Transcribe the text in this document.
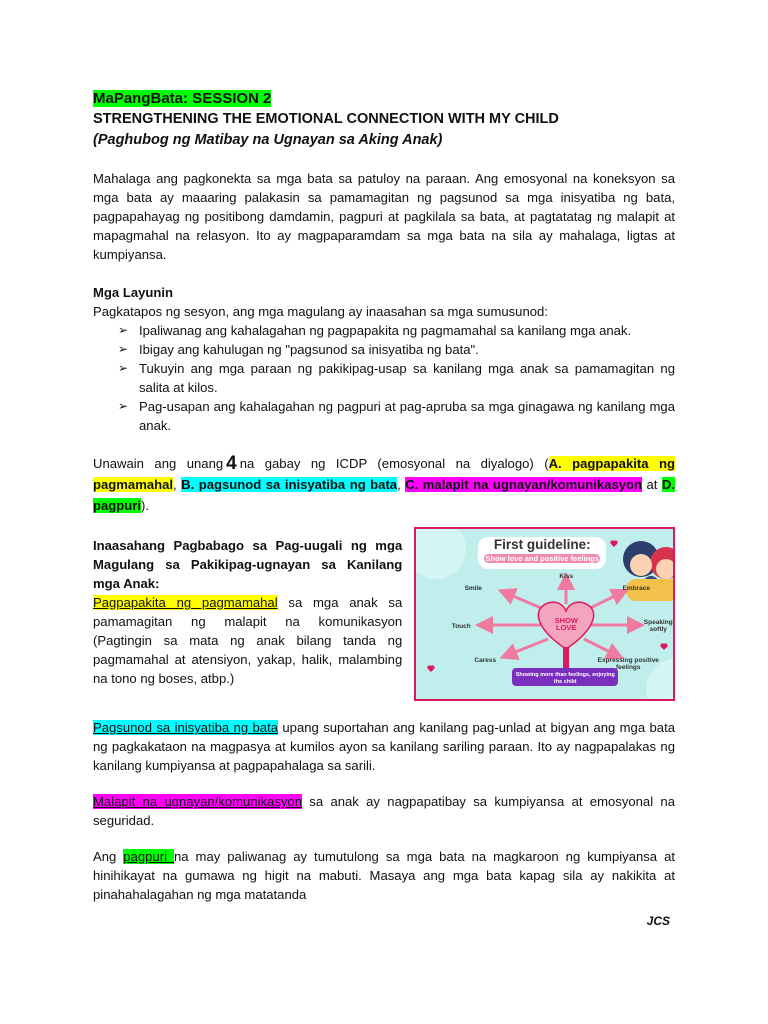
MaPangBata: SESSION 2
STRENGTHENING THE EMOTIONAL CONNECTION WITH MY CHILD
(Paghubog ng Matibay na Ugnayan sa Aking Anak)

Mahalaga ang pagkonekta sa mga bata sa patuloy na paraan. Ang emosyonal na koneksyon sa mga bata ay maaaring palakasin sa pamamagitan ng pagsunod sa mga inisyatiba ng bata, pagpapahayag ng positibong damdamin, pagpuri at pagkilala sa bata, at pagtatatag ng malapit at mapagmahal na relasyon. Ito ay magpaparamdam sa mga bata na sila ay mahalaga, ligtas at kumpiyansa.

Mga Layunin
Pagkatapos ng sesyon, ang mga magulang ay inaasahan sa mga sumusunod:
➢ Ipaliwanag ang kahalagahan ng pagpapakita ng pagmamahal sa kanilang mga anak.
➢ Ibigay ang kahulugan ng "pagsunod sa inisyatiba ng bata".
➢ Tukuyin ang mga paraan ng pakikipag-usap sa kanilang mga anak sa pamamagitan ng salita at kilos.
➢ Pag-usapan ang kahalagahan ng pagpuri at pag-apruba sa mga ginagawa ng kanilang mga anak.

Unawain ang unang 4 na gabay ng ICDP (emosyonal na diyalogo) (A. pagpapakita ng pagmamahal, B. pagsunod sa inisyatiba ng bata, C. malapit na ugnayan/komunikasyon at D. pagpuri).

Inaasahang Pagbabago sa Pag-uugali ng mga Magulang sa Pakikipag-ugnayan sa Kanilang mga Anak:

Pagpapakita ng pagmamahal sa mga anak sa pamamagitan ng malapit na komunikasyon (Pagtingin sa mata ng anak bilang tanda ng pagmamahal at atensiyon, yakap, halik, malambing na tono ng boses, atbp.)

First guideline:
Show love and positive feelings
SHOW LOVE
Kiss
Smile	Embrace
Touch
Speaking softly
Caress	Expressing positive feelings
Showing more than feelings, enjoying the child

Pagsunod sa inisyatiba ng bata upang suportahan ang kanilang pag-unlad at bigyan ang mga bata ng pagkakataon na magpasya at kumilos ayon sa kanilang sariling paraan. Ito ay nagpapalakas ng kanilang kumpiyansa at pagpapahalaga sa sarili.

Malapit na ugnayan/komunikasyon sa anak ay nagpapatibay sa kumpiyansa at emosyonal na seguridad.

Ang pagpuri na may paliwanag ay tumutulong sa mga bata na magkaroon ng kumpiyansa at hinihikayat na gumawa ng higit na mabuti. Masaya ang mga bata kapag sila ay nakikita at pinahahalagahan ng mga matatanda

JCS
